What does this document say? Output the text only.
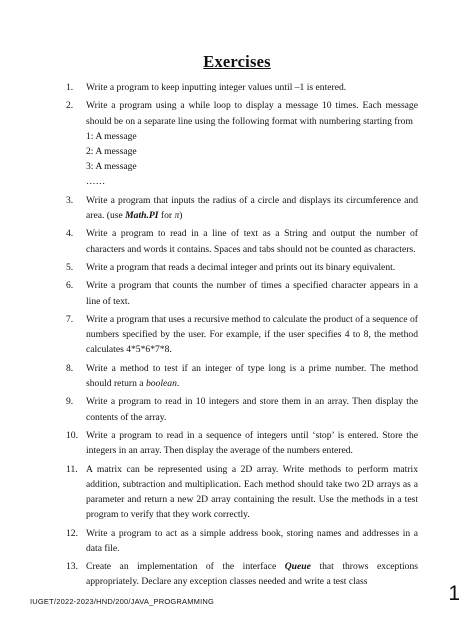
Exercises
1. Write a program to keep inputting integer values until –1 is entered.
2. Write a program using a while loop to display a message 10 times. Each message should be on a separate line using the following format with numbering starting from
1: A message
2: A message
3: A message
……
3. Write a program that inputs the radius of a circle and displays its circumference and area. (use Math.PI for π)
4. Write a program to read in a line of text as a String and output the number of characters and words it contains. Spaces and tabs should not be counted as characters.
5. Write a program that reads a decimal integer and prints out its binary equivalent.
6. Write a program that counts the number of times a specified character appears in a line of text.
7. Write a program that uses a recursive method to calculate the product of a sequence of numbers specified by the user. For example, if the user specifies 4 to 8, the method calculates 4*5*6*7*8.
8. Write a method to test if an integer of type long is a prime number. The method should return a boolean.
9. Write a program to read in 10 integers and store them in an array. Then display the contents of the array.
10. Write a program to read in a sequence of integers until ‘stop’ is entered. Store the integers in an array. Then display the average of the numbers entered.
11. A matrix can be represented using a 2D array. Write methods to perform matrix addition, subtraction and multiplication. Each method should take two 2D arrays as a parameter and return a new 2D array containing the result. Use the methods in a test program to verify that they work correctly.
12. Write a program to act as a simple address book, storing names and addresses in a data file.
13. Create an implementation of the interface Queue that throws exceptions appropriately. Declare any exception classes needed and write a test class
IUGET/2022-2023/HND/200/JAVA_PROGRAMMING	1
